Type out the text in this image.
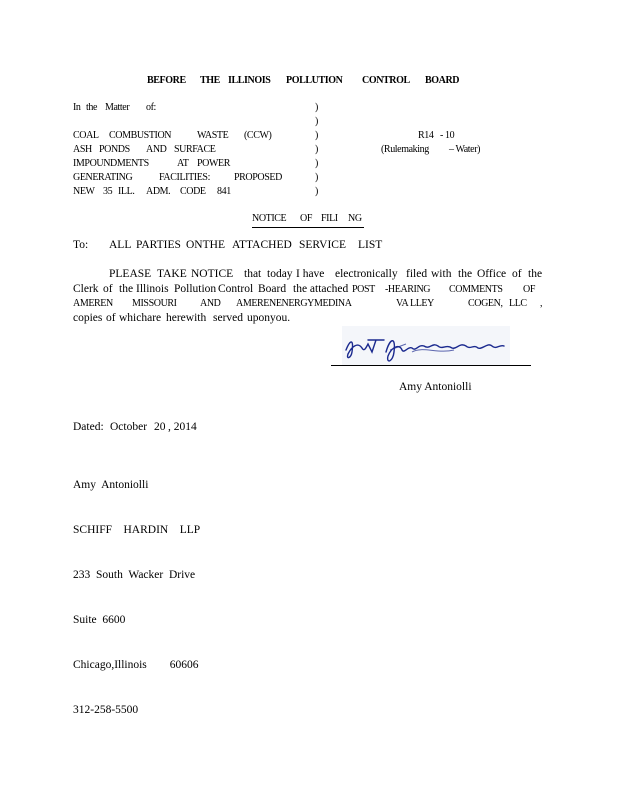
BEFORE THE ILLINOIS POLLUTION CONTROL BOARD
In the Matter of:
COAL COMBUSTION	WASTE (CCW)
ASH PONDS AND SURFACE
IMPOUNDMENTS	AT POWER
GENERATING	FACILITIES: PROPOSED
NEW 35 ILL. ADM. CODE 841
)
)
)
)
)
)
)
R14 - 10
(Rulemaking – Water)
NOTICE OF FILI NG
To: ALL PARTIES ONTHE ATTACHED SERVICE LIST
PLEASE TAKE NOTICE that today I have electronically filed with the Office of the
Clerk of the Illinois Pollution Control Board the attached POST -HEARING COMMENTS OF
AMEREN MISSOURI AND AMERENENERGYMEDINA	VA LLEY	COGEN, LLC ,
copies of whichare herewith served uponyou.
Amy Antoniolli
Dated: October 20 , 2014

Amy  Antoniolli

SCHIFF    HARDIN    LLP

233  South  Wacker  Drive

Suite  6600

Chicago,Illinois        60606

312-258-5500
